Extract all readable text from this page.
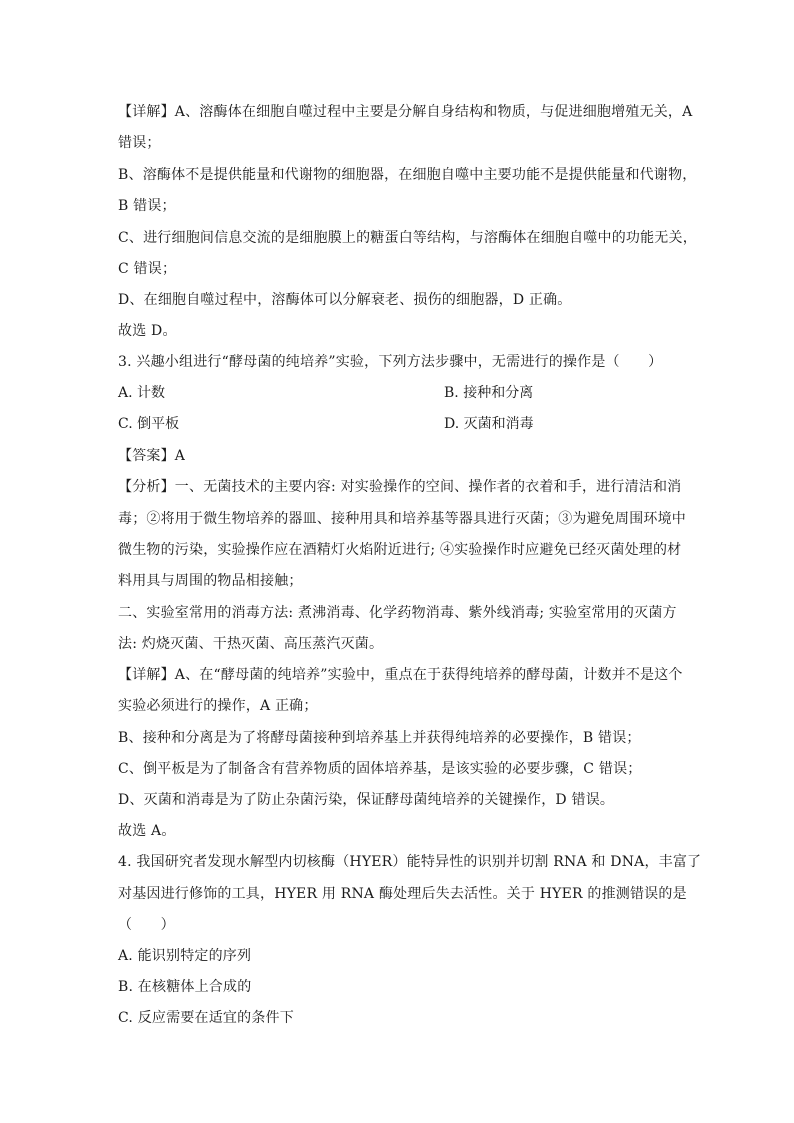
【详解】A、溶酶体在细胞自噬过程中主要是分解自身结构和物质，与促进细胞增殖无关，A
错误；
B、溶酶体不是提供能量和代谢物的细胞器，在细胞自噬中主要功能不是提供能量和代谢物，
B 错误；
C、进行细胞间信息交流的是细胞膜上的糖蛋白等结构，与溶酶体在细胞自噬中的功能无关，
C 错误；
D、在细胞自噬过程中，溶酶体可以分解衰老、损伤的细胞器，D 正确。
故选 D。
3. 兴趣小组进行“酵母菌的纯培养”实验，下列方法步骤中，无需进行的操作是（　　）
A. 计数	B. 接种和分离
C. 倒平板	D. 灭菌和消毒
【答案】A
【分析】一、无菌技术的主要内容: 对实验操作的空间、操作者的衣着和手，进行清洁和消
毒；②将用于微生物培养的器皿、接种用具和培养基等器具进行灭菌；③为避免周围环境中
微生物的污染，实验操作应在酒精灯火焰附近进行; ④实验操作时应避免已经灭菌处理的材
料用具与周围的物品相接触；
二、实验室常用的消毒方法: 煮沸消毒、化学药物消毒、紫外线消毒; 实验室常用的灭菌方
法: 灼烧灭菌、干热灭菌、高压蒸汽灭菌。
【详解】A、在“酵母菌的纯培养”实验中，重点在于获得纯培养的酵母菌，计数并不是这个
实验必须进行的操作，A 正确；
B、接种和分离是为了将酵母菌接种到培养基上并获得纯培养的必要操作，B 错误；
C、倒平板是为了制备含有营养物质的固体培养基，是该实验的必要步骤，C 错误；
D、灭菌和消毒是为了防止杂菌污染，保证酵母菌纯培养的关键操作，D 错误。
故选 A。
4. 我国研究者发现水解型内切核酶（HYER）能特异性的识别并切割 RNA 和 DNA，丰富了
对基因进行修饰的工具，HYER 用 RNA 酶处理后失去活性。关于 HYER 的推测错误的是
（　　）
A. 能识别特定的序列
B. 在核糖体上合成的
C. 反应需要在适宜的条件下
